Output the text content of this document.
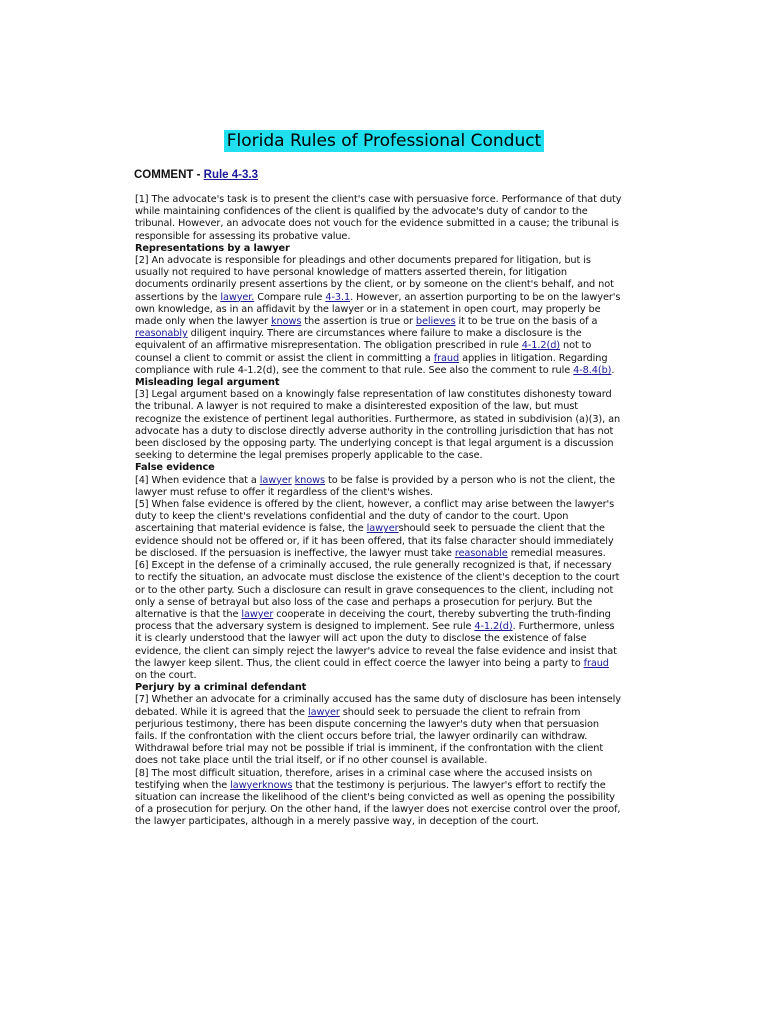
Florida Rules of Professional Conduct
COMMENT - Rule 4-3.3

[1] The advocate's task is to present the client's case with persuasive force. Performance of that duty while maintaining confidences of the client is qualified by the advocate's duty of candor to the tribunal. However, an advocate does not vouch for the evidence submitted in a cause; the tribunal is responsible for assessing its probative value.

Representations by a lawyer

[2] An advocate is responsible for pleadings and other documents prepared for litigation, but is usually not required to have personal knowledge of matters asserted therein, for litigation documents ordinarily present assertions by the client, or by someone on the client's behalf, and not assertions by the lawyer. Compare rule 4-3.1. However, an assertion purporting to be on the lawyer's own knowledge, as in an affidavit by the lawyer or in a statement in open court, may properly be made only when the lawyer knows the assertion is true or believes it to be true on the basis of a reasonably diligent inquiry. There are circumstances where failure to make a disclosure is the equivalent of an affirmative misrepresentation. The obligation prescribed in rule 4-1.2(d) not to counsel a client to commit or assist the client in committing a fraud applies in litigation. Regarding compliance with rule 4-1.2(d), see the comment to that rule. See also the comment to rule 4-8.4(b).

Misleading legal argument

[3] Legal argument based on a knowingly false representation of law constitutes dishonesty toward the tribunal. A lawyer is not required to make a disinterested exposition of the law, but must recognize the existence of pertinent legal authorities. Furthermore, as stated in subdivision (a)(3), an advocate has a duty to disclose directly adverse authority in the controlling jurisdiction that has not been disclosed by the opposing party. The underlying concept is that legal argument is a discussion seeking to determine the legal premises properly applicable to the case.

False evidence

[4] When evidence that a lawyer knows to be false is provided by a person who is not the client, the lawyer must refuse to offer it regardless of the client's wishes.

[5] When false evidence is offered by the client, however, a conflict may arise between the lawyer's duty to keep the client's revelations confidential and the duty of candor to the court. Upon ascertaining that material evidence is false, the lawyershould seek to persuade the client that the evidence should not be offered or, if it has been offered, that its false character should immediately be disclosed. If the persuasion is ineffective, the lawyer must take reasonable remedial measures.

[6] Except in the defense of a criminally accused, the rule generally recognized is that, if necessary to rectify the situation, an advocate must disclose the existence of the client's deception to the court or to the other party. Such a disclosure can result in grave consequences to the client, including not only a sense of betrayal but also loss of the case and perhaps a prosecution for perjury. But the alternative is that the lawyer cooperate in deceiving the court, thereby subverting the truth-finding process that the adversary system is designed to implement. See rule 4-1.2(d). Furthermore, unless it is clearly understood that the lawyer will act upon the duty to disclose the existence of false evidence, the client can simply reject the lawyer's advice to reveal the false evidence and insist that the lawyer keep silent. Thus, the client could in effect coerce the lawyer into being a party to fraud on the court.

Perjury by a criminal defendant

[7] Whether an advocate for a criminally accused has the same duty of disclosure has been intensely debated. While it is agreed that the lawyer should seek to persuade the client to refrain from perjurious testimony, there has been dispute concerning the lawyer's duty when that persuasion fails. If the confrontation with the client occurs before trial, the lawyer ordinarily can withdraw. Withdrawal before trial may not be possible if trial is imminent, if the confrontation with the client does not take place until the trial itself, or if no other counsel is available.

[8] The most difficult situation, therefore, arises in a criminal case where the accused insists on testifying when the lawyerknows that the testimony is perjurious. The lawyer's effort to rectify the situation can increase the likelihood of the client's being convicted as well as opening the possibility of a prosecution for perjury. On the other hand, if the lawyer does not exercise control over the proof, the lawyer participates, although in a merely passive way, in deception of the court.
